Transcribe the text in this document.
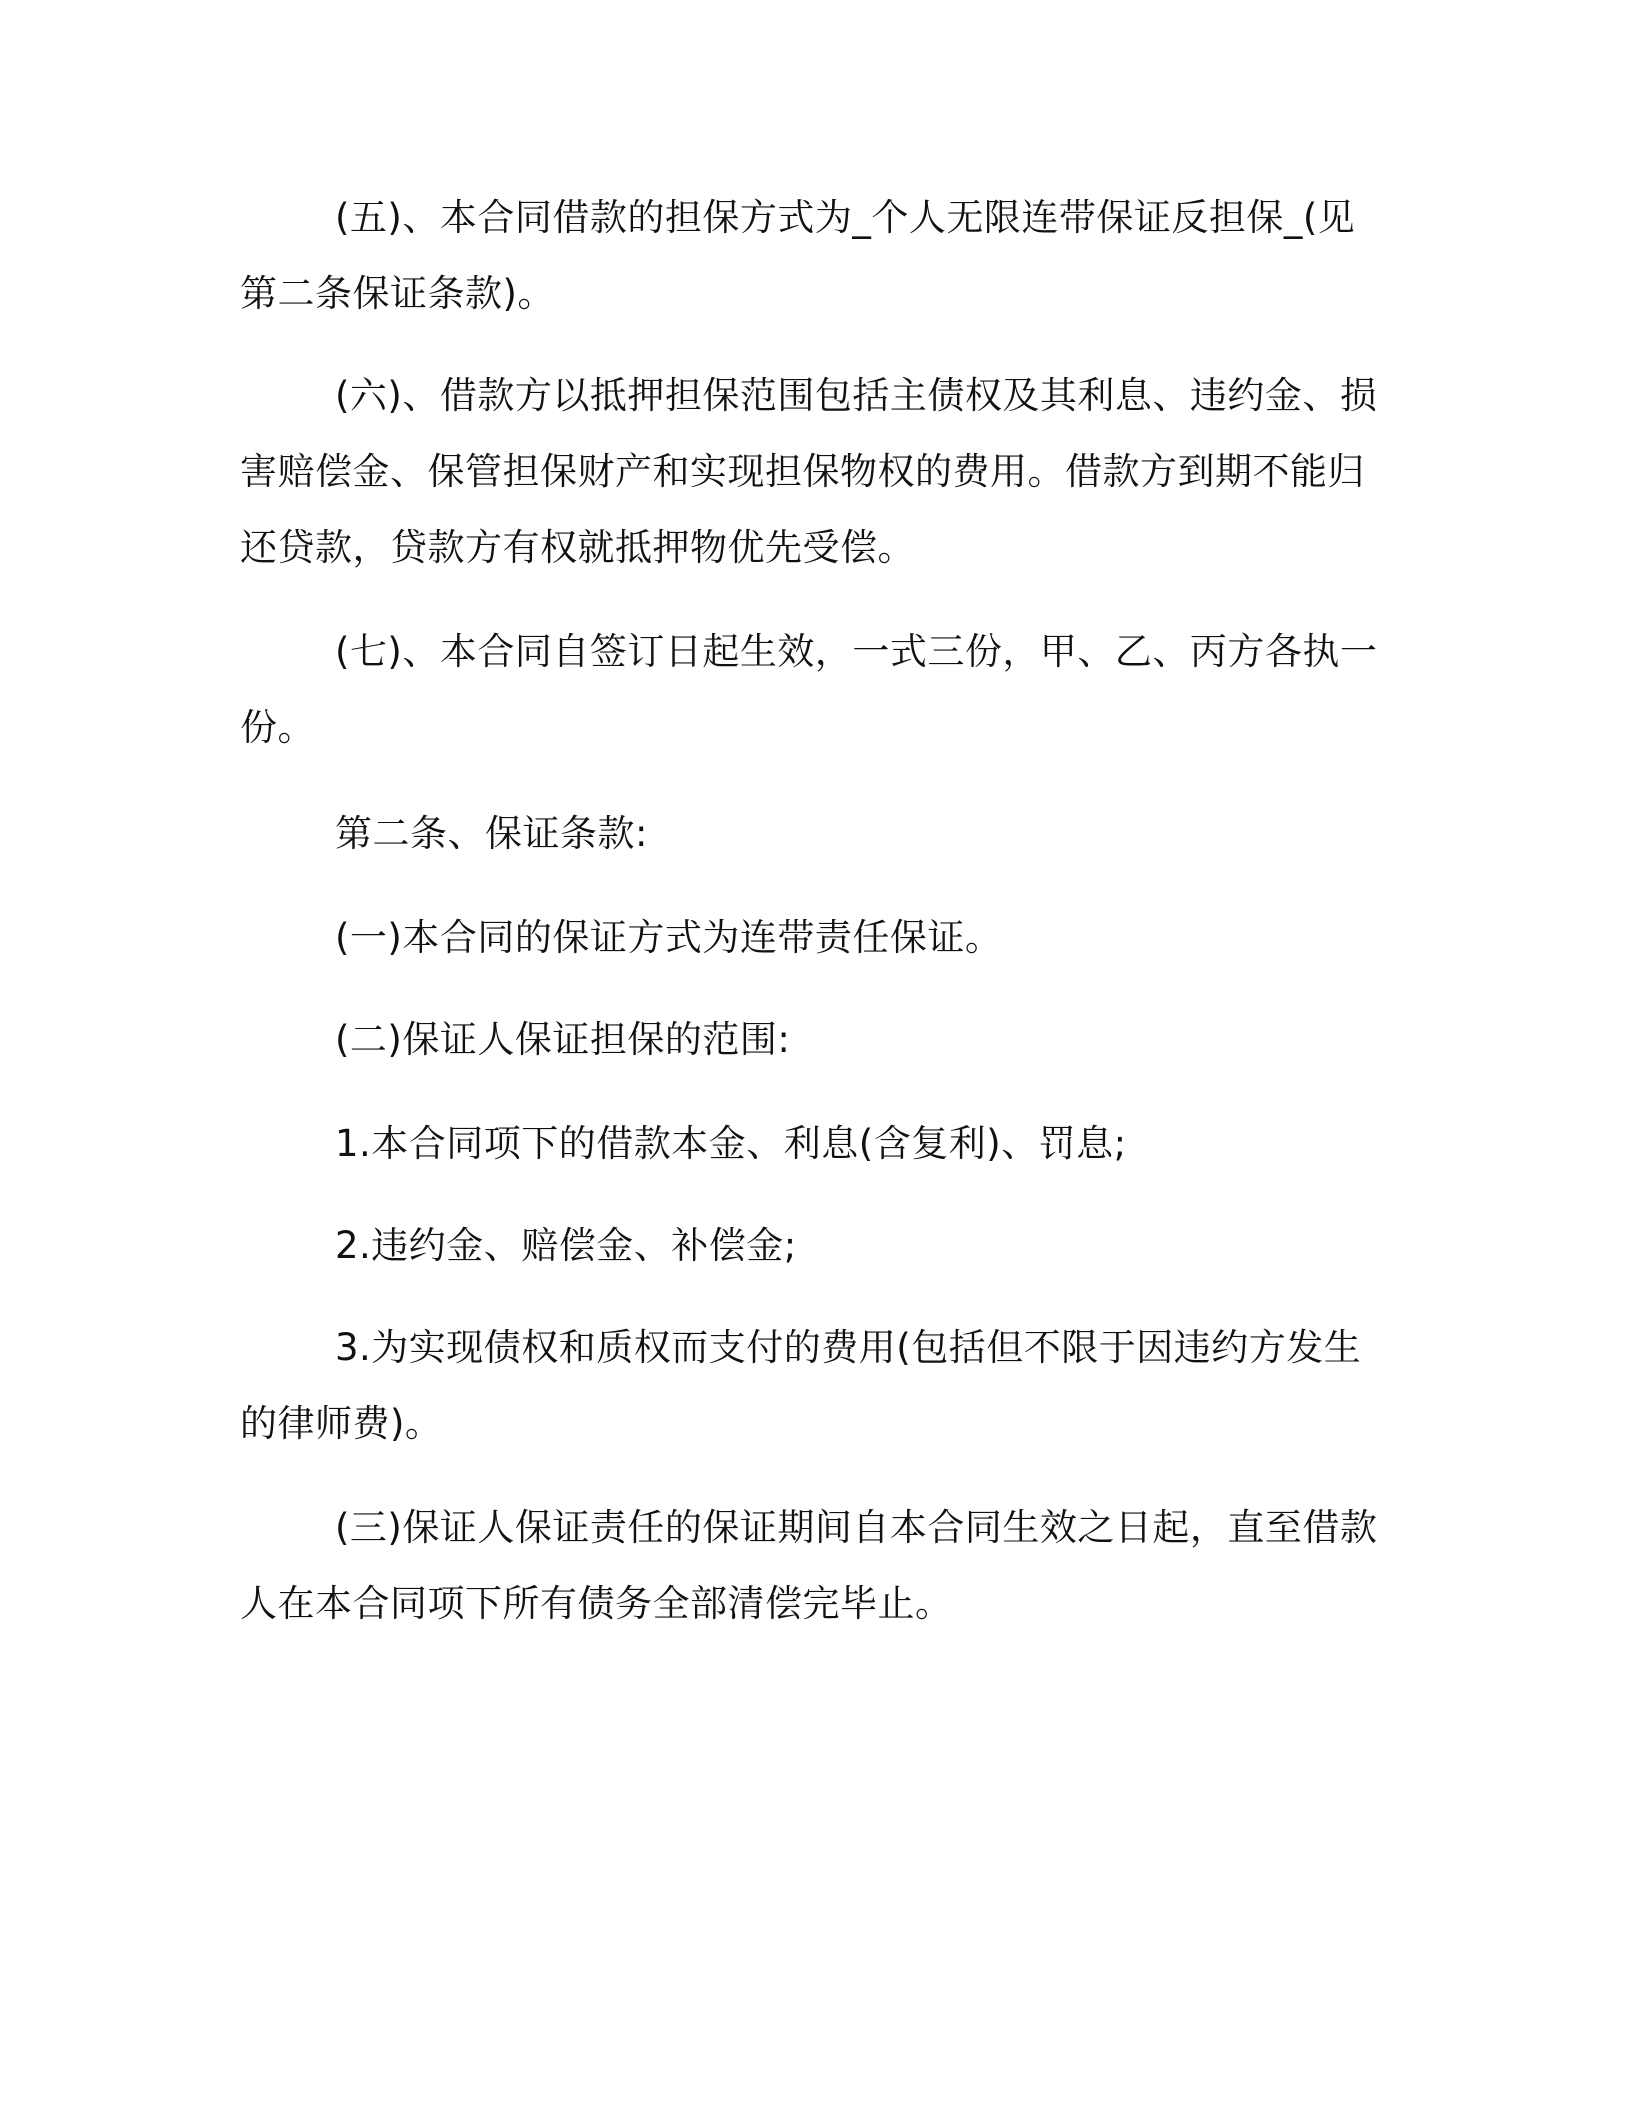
(五)、本合同借款的担保方式为_个人无限连带保证反担保_(见第二条保证条款)。

(六)、借款方以抵押担保范围包括主债权及其利息、违约金、损害赔偿金、保管担保财产和实现担保物权的费用。借款方到期不能归还贷款，贷款方有权就抵押物优先受偿。

(七)、本合同自签订日起生效，一式三份，甲、乙、丙方各执一份。

第二条、保证条款:

(一)本合同的保证方式为连带责任保证。

(二)保证人保证担保的范围:

1.本合同项下的借款本金、利息(含复利)、罚息;

2.违约金、赔偿金、补偿金;

3.为实现债权和质权而支付的费用(包括但不限于因违约方发生的律师费)。

(三)保证人保证责任的保证期间自本合同生效之日起，直至借款人在本合同项下所有债务全部清偿完毕止。
